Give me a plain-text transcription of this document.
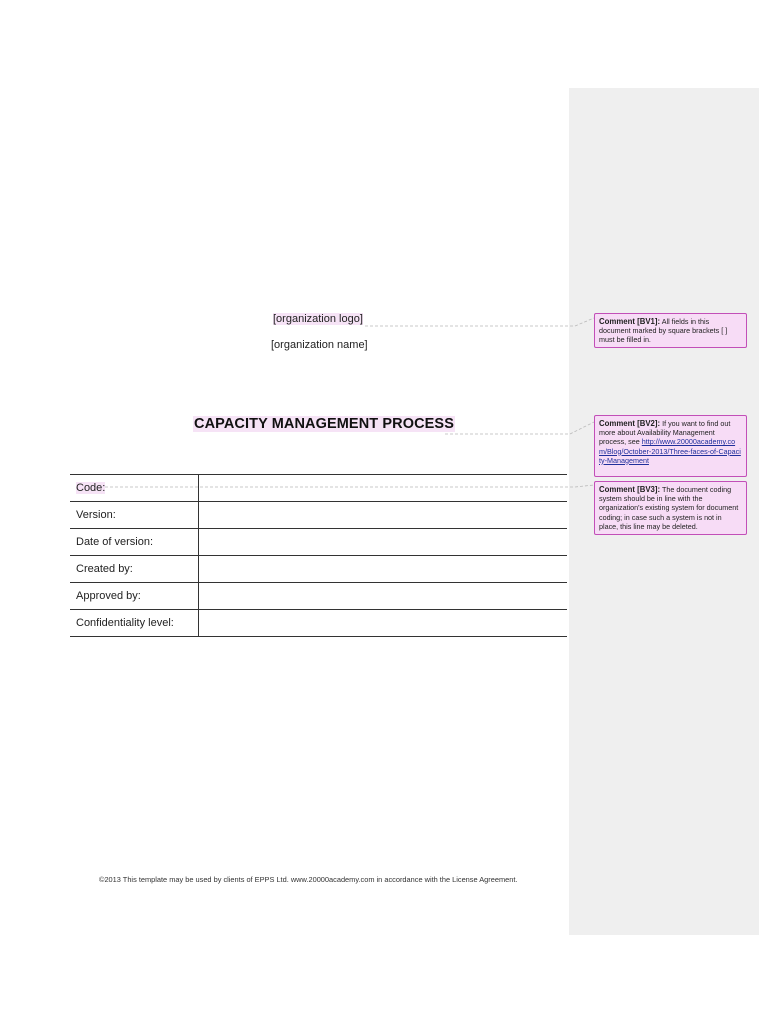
[organization logo]
[organization name]
CAPACITY MANAGEMENT PROCESS
Code:	
Version:	
Date of version:	
Created by:	
Approved by:	
Confidentiality level:	
©2013 This template may be used by clients of EPPS Ltd. www.20000academy.com in accordance with the License Agreement.
Comment [BV1]: All fields in this document marked by square brackets [ ] must be filled in.
Comment [BV2]: If you want to find out more about Availability Management process, see http://www.20000academy.com/Blog/October-2013/Three-faces-of-Capacity-Management
Comment [BV3]: The document coding system should be in line with the organization's existing system for document coding; in case such a system is not in place, this line may be deleted.
